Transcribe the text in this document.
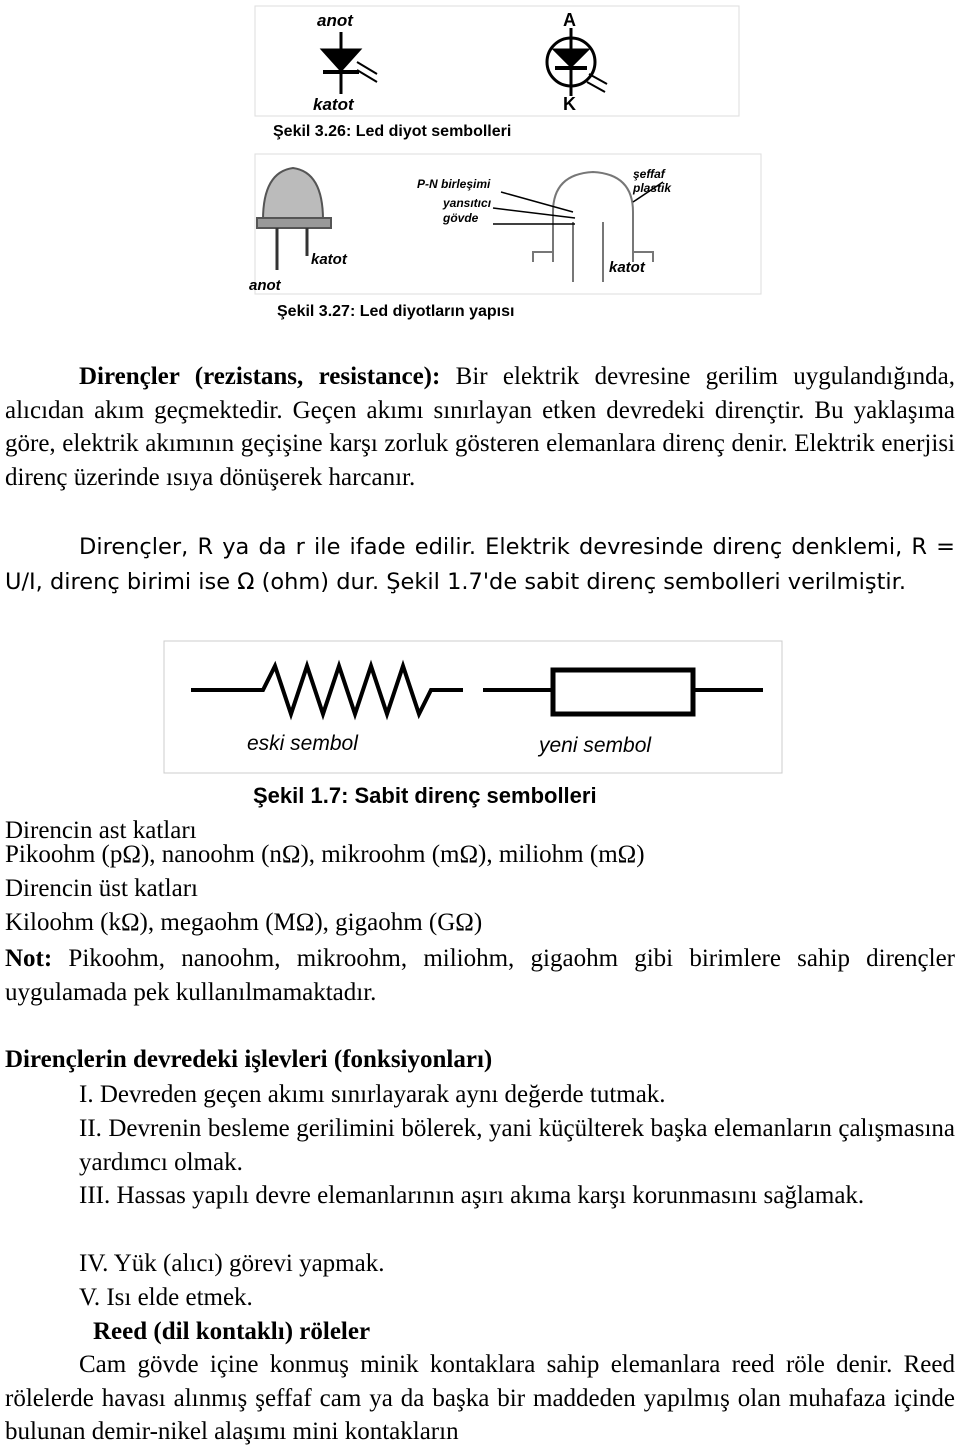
anot
katot
A
K
Şekil 3.26: Led diyot sembolleri
P-N birleşimi
yansıtıcı
gövde
şeffaf
plastik
katot
anot
katot
Şekil 3.27: Led diyotların yapısı
Dirençler (rezistans, resistance): Bir elektrik devresine gerilim uygulandığında, alıcıdan akım geçmektedir. Geçen akımı sınırlayan etken devredeki dirençtir. Bu yaklaşıma göre, elektrik akımının geçişine karşı zorluk gösteren elemanlara direnç denir. Elektrik enerjisi direnç üzerinde ısıya dönüşerek harcanır.
Dirençler, R ya da r ile ifade edilir. Elektrik devresinde direnç denklemi, R = U/I, direnç birimi ise Ω (ohm) dur. Şekil 1.7'de sabit direnç sembolleri verilmiştir.
eski sembol	yeni sembol
Şekil 1.7: Sabit direnç sembolleri
Direncin ast katları
Pikoohm (pΩ), nanoohm (nΩ), mikroohm (mΩ), miliohm (mΩ)
Direncin üst katları
Kiloohm (kΩ), megaohm (MΩ), gigaohm (GΩ)
Not: Pikoohm, nanoohm, mikroohm, miliohm, gigaohm gibi birimlere sahip dirençler uygulamada pek kullanılmamaktadır.
Dirençlerin devredeki işlevleri (fonksiyonları)
I. Devreden geçen akımı sınırlayarak aynı değerde tutmak.
II. Devrenin besleme gerilimini bölerek, yani küçülterek başka elemanların çalışmasına yardımcı olmak.
III. Hassas yapılı devre elemanlarının aşırı akıma karşı korunmasını sağlamak.
IV. Yük (alıcı) görevi yapmak.
V. Isı elde etmek.
Reed (dil kontaklı) röleler
Cam gövde içine konmuş minik kontaklara sahip elemanlara reed röle denir. Reed rölelerde havası alınmış şeffaf cam ya da başka bir maddeden yapılmış olan muhafaza içinde bulunan demir-nikel alaşımı mini kontakların
